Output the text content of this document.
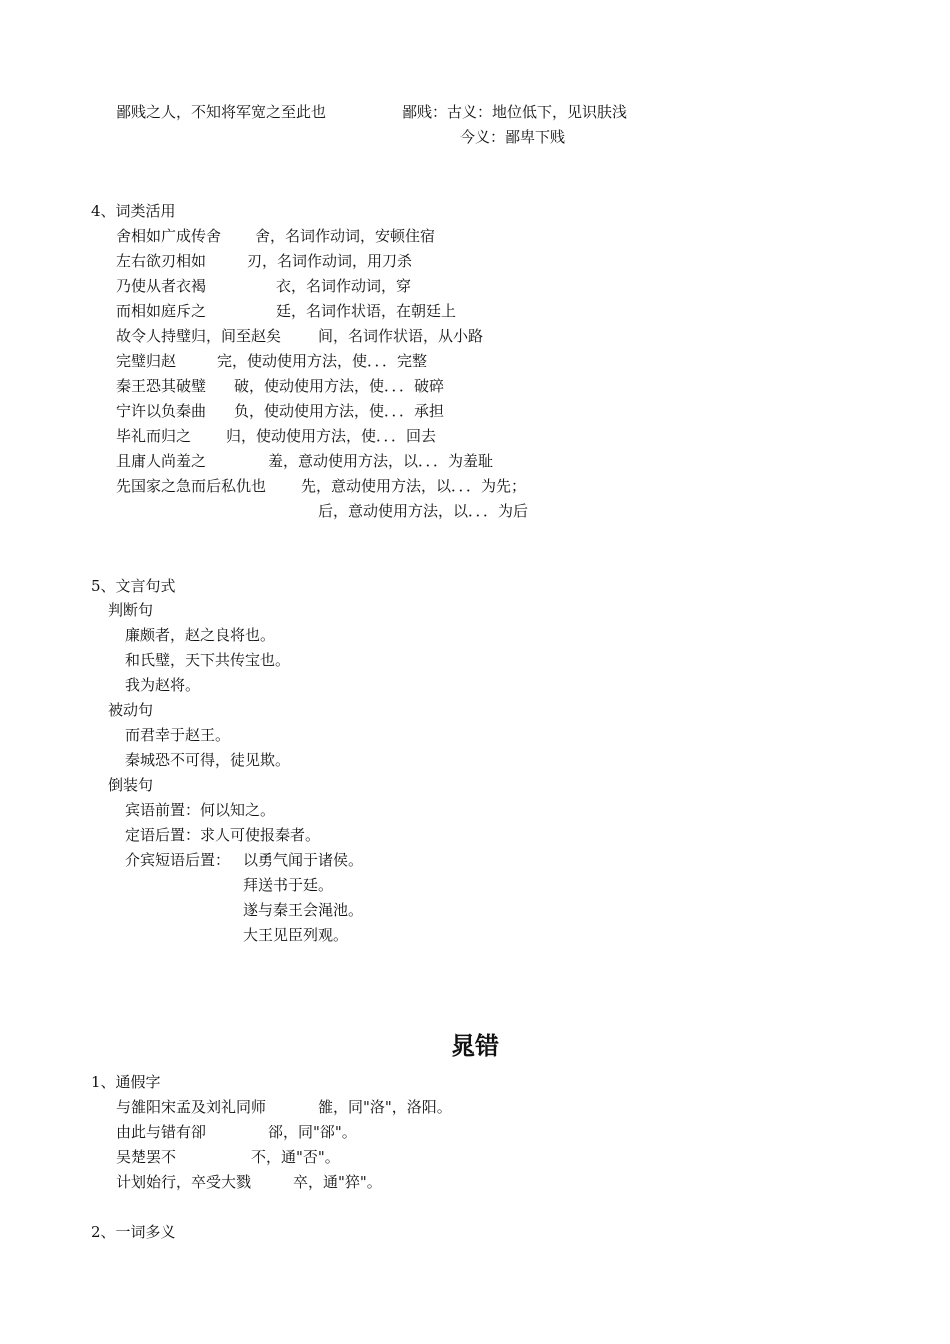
鄙贱之人，不知将军宽之至此也	鄙贱：古义：地位低下，见识肤浅
今义：鄙卑下贱
4、词类活用
舍相如广成传舍 舍，名词作动词，安顿住宿
左右欲刃相如	刃，名词作动词，用刀杀
乃使从者衣褐	衣，名词作动词，穿
而相如庭斥之	廷，名词作状语，在朝廷上
故令人持璧归，间至赵矣 间，名词作状语，从小路
完璧归赵	完，使动使用方法，使．．．完整
秦王恐其破璧 破，使动使用方法，使．．．破碎
宁许以负秦曲 负，使动使用方法，使．．．承担
毕礼而归之 归，使动使用方法，使．．．回去
且庸人尚羞之	羞，意动使用方法，以．．．为羞耻
先国家之急而后私仇也 先，意动使用方法，以．．．为先；
后，意动使用方法，以．．．为后
5、文言句式
判断句
廉颇者，赵之良将也。
和氏璧，天下共传宝也。
我为赵将。
被动句
而君幸于赵王。
秦城恐不可得，徒见欺。
倒装句
宾语前置：何以知之。
定语后置：求人可使报秦者。
介宾短语后置： 以勇气闻于诸侯。
拜送书于廷。
遂与秦王会渑池。
大王见臣列观。
晁错
1、通假字
与雒阳宋孟及刘礼同师	雒，同"洛"，洛阳。
由此与错有卻	郤，同"郤"。
吴楚罢不	不，通"否"。
计划始行，卒受大戮	卒，通"猝"。
2、一词多义
